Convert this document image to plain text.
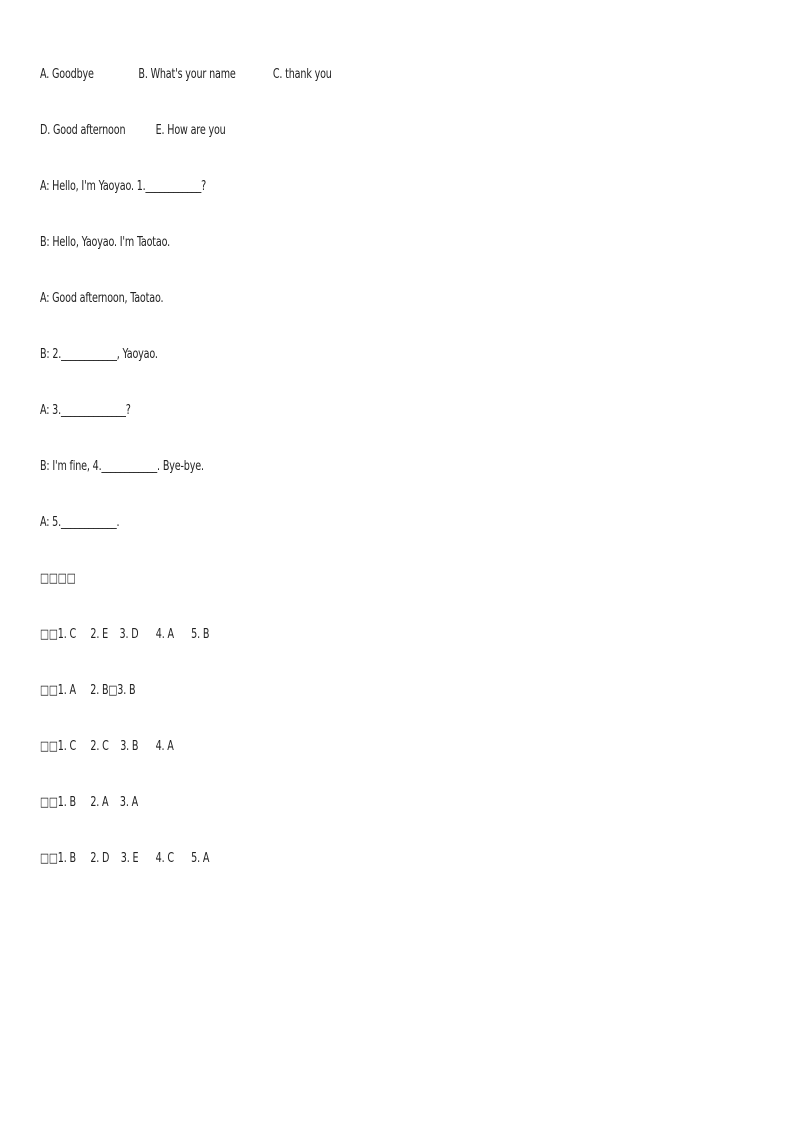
A. Goodbye

	B. What's your name

	C. thank you

D. Good afternoon

E. How are you

A: Hello, I'm Yaoyao. 1.____________?
B: Hello, Yaoyao. I'm Taotao.
A: Good afternoon, Taotao.
B: 2.____________, Yaoyao.
A: 3.______________?
B: I'm fine, 4.____________. Bye-bye.
A: 5.____________.
□□□□
□□1. C     2. E    3. D      4. A      5. B
□□1. A     2. B□3. B
□□1. C     2. C    3. B      4. A
□□1. B     2. A    3. A
□□1. B     2. D    3. E      4. C      5. A
